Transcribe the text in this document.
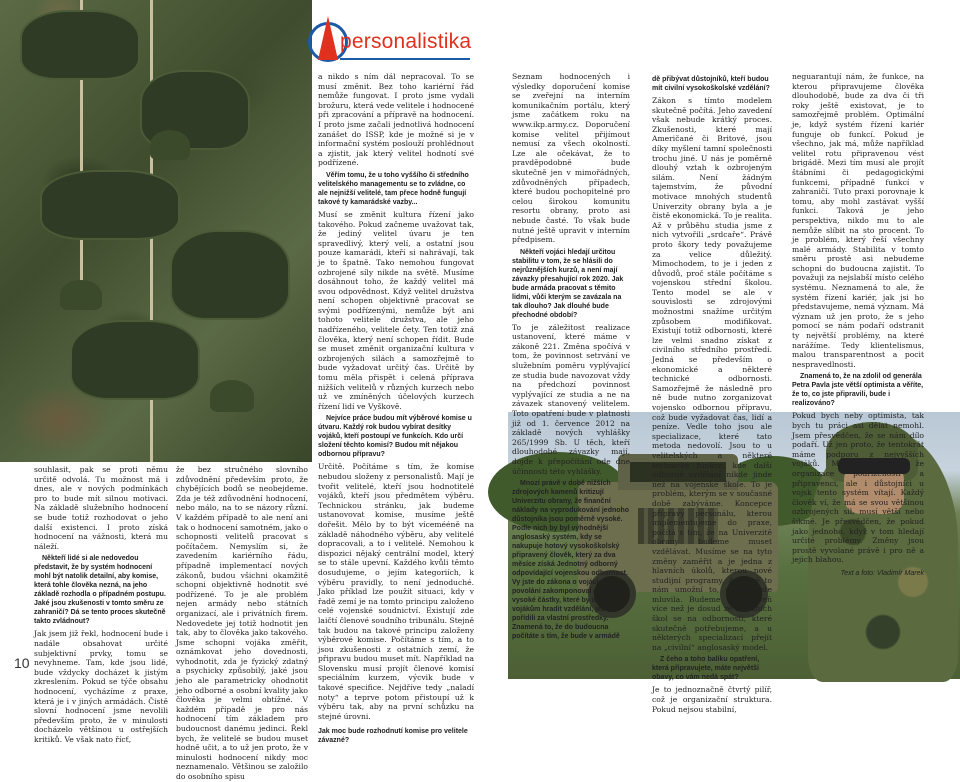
personalistika

souhlasit, pak se proti němu určitě odvolá. Tu možnost má i dnes, ale v nových podmínkách pro to bude mít silnou motivaci. Na základě služebního hodnocení se bude totiž rozhodovat o jeho další existenci. I proto získá hodnocení na vážnosti, která mu náleží.

Někteří lidé si ale nedovedou představit, že by systém hodnocení mohl být natolik detailní, aby komise, která tohle člověka nezná, na jeho základě rozhodla o případném postupu. Jaké jsou zkušenosti v tomto směru ze zahraničí? Dá se tento proces skutečně takto zvládnout?

Jak jsem již řekl, hodnocení bude i nadále obsahovat určité subjektivní prvky, tomu se nevyhneme. Tam, kde jsou lidé, bude vždycky docházet k jistým zkreslením. Pokud se týče obsahu hodnocení, vycházíme z praxe, která je i v jiných armádách. Čistě slovní hodnocení jsme nevolili především proto, že v minulosti docházelo většinou u ostřejších kritiků. Ve však nato řícť,

že bez stručného slovního zdůvodnění především proto, že chybějících bodů se neobejdeme. Zda je též zdůvodnění hodnocení, nebo málo, na to se názory různí. V každém případě to ale není ani tak o hodnocení samotném, jako o schopnosti velitelů pracovat s počítačem. Nemyslím si, že zavedením kariérního řádu, případně implementací nových zákonů, budou všichni okamžitě schopni objektivně hodnotit své podřízené. To je ale problém nejen armády nebo státních organizací, ale i privátních firem. Nedovedete jej totiž hodnotit jen tak, aby to člověka jako takového. Jsme schopni vojáka změřit, oznámkovat jeho dovednosti, vyhodnotit, zda je fyzický zdatný a psychicky způsobilý, jaké jsou jeho ale parametricky ohodnotit jeho odborné a osobní kvality jako člověka je velmi obtížné. V každém případě je pro nás hodnocení tím základem pro budoucnost danému jedinci. Řekl bych, že velitelé se budou muset hodně učit, a to už jen proto, že v minulosti hodnocení nikdy moc neznamenalo. Většinou se založilo do osobního spisu

a nikdo s ním dál nepracoval. To se musí změnit. Bez toho kariérní řád nemůže fungovat. I proto jsme vydali brožuru, která vede velitele i hodnocené při zpracování a přípravě na hodnocení. I proto jsme začali jednotlivá hodnocení zanášet do ISSP, kde je možné si je v informační systém poslouží prohlédnout a zjistit, jak který velitel hodnotí své podřízené.

Věřím tomu, že u toho vyššího či středního velitelského managementu se to zvládne, co ale nejnižší velitelé, tam přece hodně fungují takové ty kamarádské vazby...

Musí se změnit kultura řízení jako takového. Pokud začneme uvažovat tak, že jediný velitel úvaru je ten spravedlivý, který velí, a ostatní jsou pouze kamarádi, kteří si nahrávají, tak je to špatně. Tako nemohou fungovat ozbrojené síly nikde na světě. Musíme dosáhnout toho, že každý velitel má svou odpovědnost. Když velitel družstva není schopen objektivně pracovat se svými podřízenými, nemůže být ani tohoto velitele družstva, ale jeho nadřízeného, velitele čety. Ten totiž zná člověka, který není schopen řídit. Bude se muset změnit organizační kultura v ozbrojených silách a samozřejmě to bude vyžadovat určitý čas. Určitě by tomu měla přispět i celená příprava nižších velitelů v různých kurzech nebo už ve zmíněných účelových kurzech řízení lidí ve Vyškově.

Nejvíce práce budou mít výběrové komise u útvaru. Každý rok budou vybírat desítky vojáků, kteří postoupí ve funkcích. Kdo určí složení těchto komisí? Budou mít nějakou odbornou přípravu?

Určitě. Počítáme s tím, že komise nebudou složeny z personalistů. Mají je tvořit velitelé, kteří jsou hodnotitelé vojáků, kteří jsou předmětem výběru. Technickou stránku, jak budeme ustanovovat komise, musíme ještě dořešit. Mělo by to být vícemééně na základě náhodného výběru, aby velitelé dopracovali, a to i velitelé. Nemohou k dispozici nějaký centrální model, který se to stále upevní. Každého kvůli těmto dosudujeme, o jejím kategoriích, k výběru pravidly, to není jednoduché. Jako příklad lze použít situaci, kdy v řadě zemí je na tomto principu založeno celé vojenské soudnictví. Existují zde laičtí členové soudního tribunálu. Stejně tak budou na takové principu založeny výběrové komise. Počítáme s tím, a to jsou zkušenosti z ostatních zemí, že připravu budou muset mít. Například na Slovensku musí projít členové komisí speciálním kurzem, výcvik bude v takové specifice. Nejdříve tedy „naladí noty“ a teprve potom přistoupí už k výběru tak, aby na první schůzku na stejné úrovni.

Jak moc bude rozhodnutí komise pro velitele závazné?

Seznam hodnocených i výsledky doporučení komise se zveřejní na interním komunikačním portálu, který jsme začátkem roku na www.ikp.army.cz. Doporučení komise velitel přijímout nemusí za všech okolností. Lze ale očekávat, že to pravděpodobně bude skutečně jen v mimořádných, zdůvodněných případech, které budou pochopitelné pro celou širokou komunitu resortu obrany, proto asi nebude časté. To však bude nutné ještě upravit v interním předpisem.

Někteří vojáci hledají určitou stabilitu v tom, že se hlásili do nejrůznějších kurzů, a není mají závazky přesahující rok 2020. Jak bude armáda pracovat s těmito lidmi, vůči kterým se zavázala na tak dlouho? Jak dlouhé bude přechodné období?

To je záležitost realizace ustanovení, které máme v zákoně 221. Změna spočívá v tom, že povinnost setrvání ve služebním poměru vyplývající ze studia bude navozovat vždy na předchozí povinnost vyplývající ze studia a ne na závazek stanovený velitelem. Toto opatření bude v platnosti již od 1. července 2012 na základě nových vyhlášky 265/1999 Sb. U těch, kteří dlouhodobé závazky mají, dojde k přepočítání ode dne účinnosti této vyhlášky.

Mnozí právě v době nižších zdrojových kamenů kritizují Univerzitu obrany, že finanční náklady na vyprodukování jednoho důstojníka jsou poměrně vysoké. Podle nich by byl výhodnější anglosaský systém, kdy se nakupuje hotový vysokoškolský připravený člověk, který za dva měsíce získá Jednotný odborný odpovídající vojenskou odbornost. Vy jste do zákona o vojácích z povolání zakomponoval poměrně vysoké částky, které by měly vojákům hradit vzdělání, jež si pořídili za vlastní prostředky. Znamená to, že do budoucna počítáte s tím, že bude v armádě

dě přibývat důstojníků, kteří budou mít civilní vysokoškolské vzdělání?

Zákon s tímto modelem skutečně počítá. Jeho zavedení však nebude krátký proces. Zkušenosti, které mají Američané či Britové, jsou díky myšlení tamní společnosti trochu jiné. U nás je poměrně dlouhý vztah k ozbrojeným silám. Není žádným tajemstvím, že původní motivace mnohých studentů Univerzity obrany byla a je čistě ekonomická. To je realita. Až v průběhu studia jsme z nich vytvořili „srdcaře“. Právě proto škory tedy považujeme za velice důležitý. Mimochodem, to je i jeden z důvodů, proč stále počítáme s vojenskou střední školou. Tento model se ale v souvislosti se zdrojovými možnostmi snažíme určitým způsobem modifikovat. Existují totiž odbornosti, které lze velmi snadno získat z civilního středního prostředí. Jedná se především o ekonomické a některé technické odbornosti. Samozřejmě že následně pro ně bude nutno zorganizovat vojensko odbornou přípravu, což bude vyžadovat čas, lidí a peníze. Vedle toho jsou ale specializace, které tato metoda nedovolí. Jsou to u velitelských a některé technické funkce, kde další odborné vzdělání nikde jinde než na vojenské škole. To je problém, kterým se v současné době zabýváme. Koncepce přípravy personálu, kterou implementujeme do praxe, počítá s tím, že na Univerzitě obrany budeme muset vzdělávat. Musíme se na tyto změny zaměřit a je jedna z hlavních úkolů, kterou nové studijní programy. A právě to nám umožní to, o čem jste mluvila. Budeme se zároveň více než je dosud ze středních škol se na odbornosti, které skutečně potřebujeme, a u některých specializací přejít na „civilní“ anglosaský model.

Z čeho a toho balíku opatření, která připravujete, máte největší obavy, co vám nedá spát?

Je to jednoznačně čtvrtý pilíř, což je organizační struktura. Pokud nejsou stabilní,

neguarantují nám, že funkce, na kterou připravujeme člověka dlouhodobě, bude za dva či tři roky ještě existovat, je to samozřejmě problém. Optimální je, když systém řízení kariér funguje ob funkcí. Pokud je všechno, jak má, může například velitel rotu připravenou vést brigádě. Mezi tím musí ale projít štábními či pedagogickými funkcemi, případně funkcí v zahraničí. Tuto praxi porovnaje k tomu, aby mohl zastávat vyšší funkci. Taková je jeho perspektiva, nikdo mu to ale nemůže slíbit na sto procent. To je problém, který řeší všechny malé armády. Stabilita v tomto směru prostě asi nebudeme schopni do budoucna zajistit. To považuji za nejslabší místo celého systému. Neznamená to ale, že systém řízení kariér, jak jsi ho představujeme, nemá význam. Má význam už jen proto, že s jeho pomocí se nám podaří odstranit ty největší problémy, na které narážíme. Tedy klientelismus, malou transparentnost a pocit nespravedlnosti.

Znamená to, že na zdolil od generála Petra Pavla jste větší optimista a věříte, že to, co jste připravili, bude i realizováno?

Pokud bych neby optimista, tak bych tu práci asi dělat nemohl. Jsem přesvědčen, že se nám dílo podaří. Už jen proto, že tentokrát máme podporu z nejvyšších vojáků. Mám informace, že organizace podřízenosti a připravenci, ale i důstojníci u vojsk tento systém vítají. Každý člověk ví, že má se svou většinou ozbrojených sil, musí větší nebo šikmé. Je přesvědčen, že pokud jako jednoho, když v tom hledají určité problémy. Změny jsou prostě vyvolané právě i pro ně a jejich blahou.

Text a foto: Vladimír Marek

10
